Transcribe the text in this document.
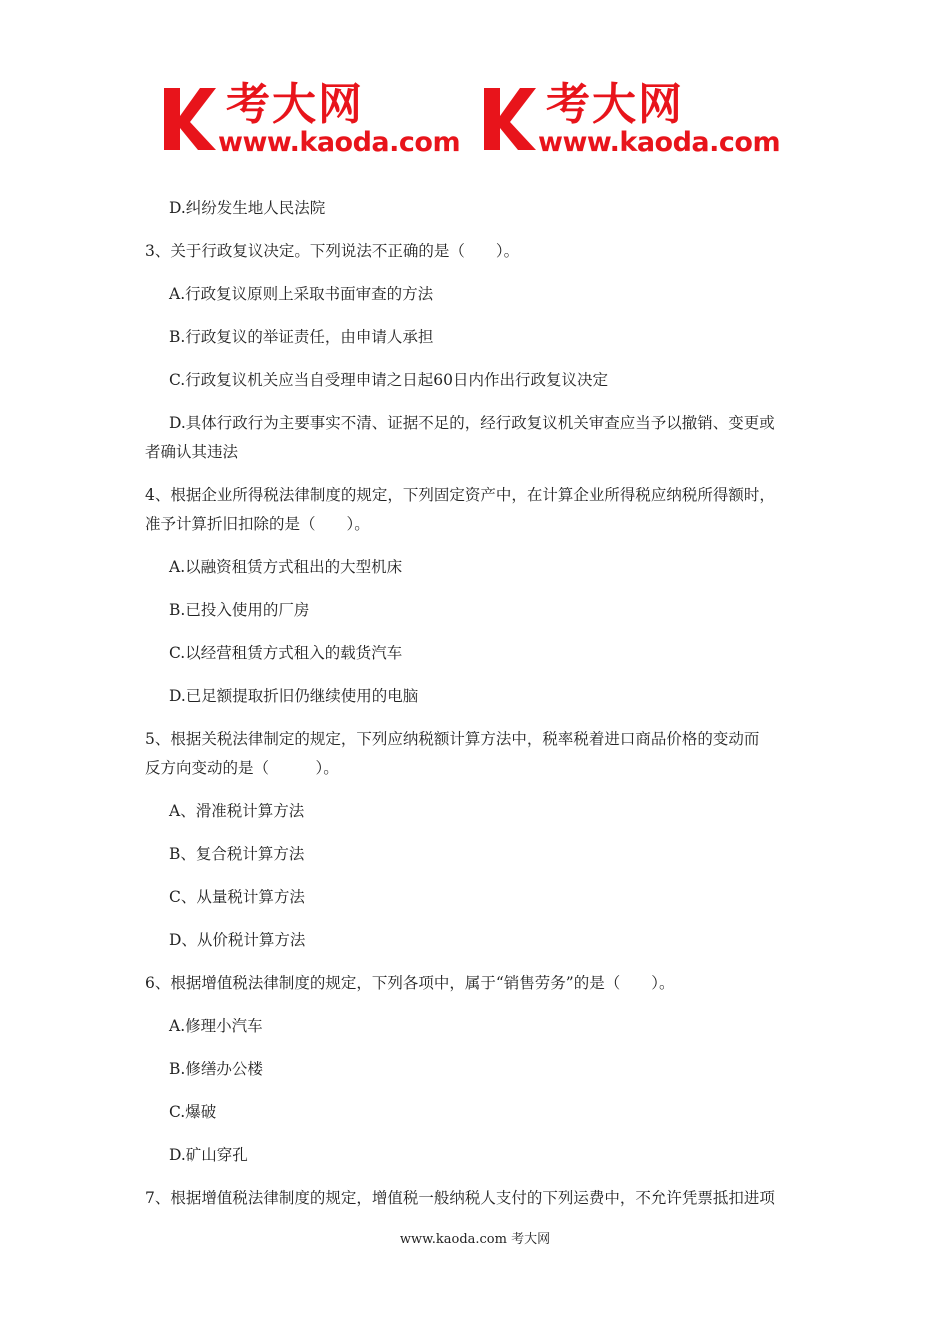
考大网
www.kaoda.com
考大网
www.kaoda.com
D.纠纷发生地人民法院
3、关于行政复议决定。下列说法不正确的是（　　）。
A.行政复议原则上采取书面审查的方法
B.行政复议的举证责任，由申请人承担
C.行政复议机关应当自受理申请之日起60日内作出行政复议决定
D.具体行政行为主要事实不清、证据不足的，经行政复议机关审查应当予以撤销、变更或
者确认其违法
4、根据企业所得税法律制度的规定，下列固定资产中，在计算企业所得税应纳税所得额时，
准予计算折旧扣除的是（　　）。
A.以融资租赁方式租出的大型机床
B.已投入使用的厂房
C.以经营租赁方式租入的载货汽车
D.已足额提取折旧仍继续使用的电脑
5、根据关税法律制定的规定，下列应纳税额计算方法中，税率税着进口商品价格的变动而
反方向变动的是（　　　）。
A、滑准税计算方法
B、复合税计算方法
C、从量税计算方法
D、从价税计算方法
6、根据增值税法律制度的规定，下列各项中，属于“销售劳务”的是（　　）。
A.修理小汽车
B.修缮办公楼
C.爆破
D.矿山穿孔
7、根据增值税法律制度的规定，增值税一般纳税人支付的下列运费中，不允许凭票抵扣进项
www.kaoda.com 考大网
